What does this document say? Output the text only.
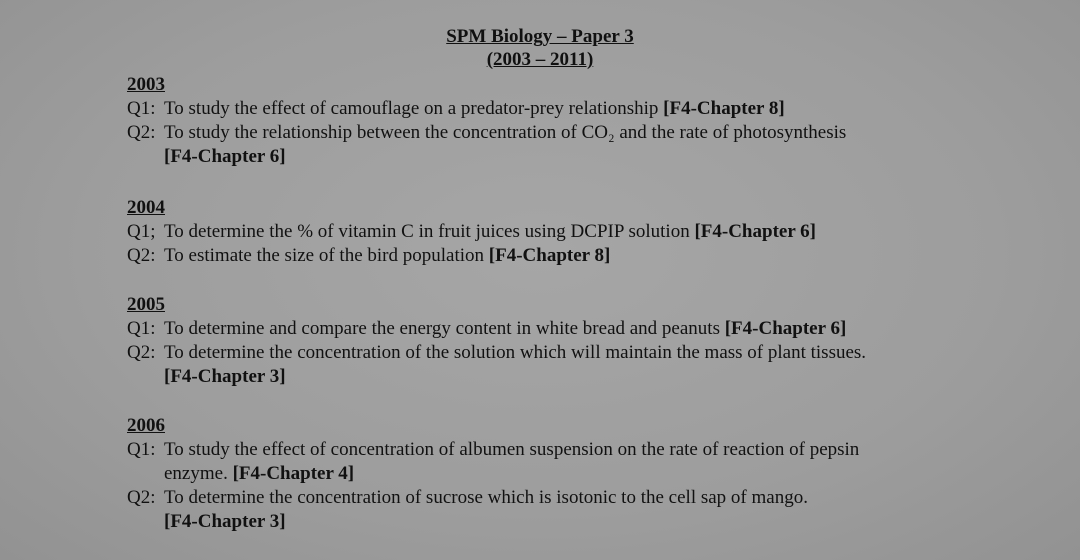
SPM Biology – Paper 3
(2003 – 2011)
2003
Q1: To study the effect of camouflage on a predator-prey relationship [F4-Chapter 8]
Q2: To study the relationship between the concentration of CO₂ and the rate of photosynthesis
[F4-Chapter 6]
2004
Q1; To determine the % of vitamin C in fruit juices using DCPIP solution [F4-Chapter 6]
Q2: To estimate the size of the bird population [F4-Chapter 8]
2005
Q1: To determine and compare the energy content in white bread and peanuts [F4-Chapter 6]
Q2: To determine the concentration of the solution which will maintain the mass of plant tissues.
[F4-Chapter 3]
2006
Q1: To study the effect of concentration of albumen suspension on the rate of reaction of pepsin
enzyme. [F4-Chapter 4]
Q2: To determine the concentration of sucrose which is isotonic to the cell sap of mango.
[F4-Chapter 3]
